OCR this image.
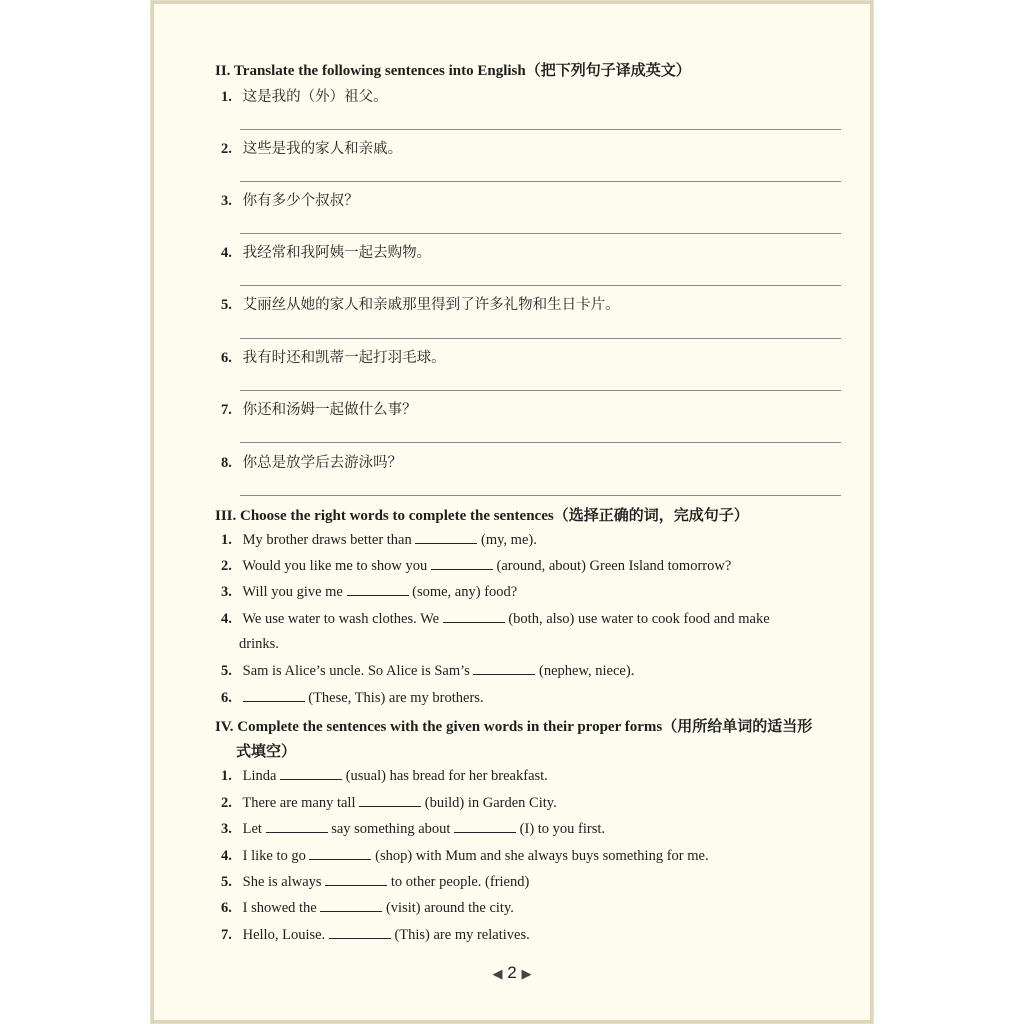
II. Translate the following sentences into English（把下列句子译成英文）
1. 这是我的（外）祖父。
2. 这些是我的家人和亲戚。
3. 你有多少个叔叔？
4. 我经常和我阿姨一起去购物。
5. 艾丽丝从她的家人和亲戚那里得到了许多礼物和生日卡片。
6. 我有时还和凯蒂一起打羽毛球。
7. 你还和汤姆一起做什么事？
8. 你总是放学后去游泳吗？
III. Choose the right words to complete the sentences（选择正确的词，完成句子）
1. My brother draws better than	(my, me).
2. Would you like me to show you	(around, about) Green Island tomorrow?
3. Will you give me	(some, any) food?
4. We use water to wash clothes. We	(both, also) use water to cook food and make
drinks.
5. Sam is Alice’s uncle. So Alice is Sam’s	(nephew, niece).
6.	(These, This) are my brothers.
IV. Complete the sentences with the given words in their proper forms（用所给单词的适当形
式填空）
1. Linda	(usual) has bread for her breakfast.
2. There are many tall	(build) in Garden City.
3. Let	say something about	(I) to you first.
4. I like to go	(shop) with Mum and she always buys something for me.
5. She is always	to other people. (friend)
6. I showed the	(visit) around the city.
7. Hello, Louise.	(This) are my relatives.
◀ 2 ▶
